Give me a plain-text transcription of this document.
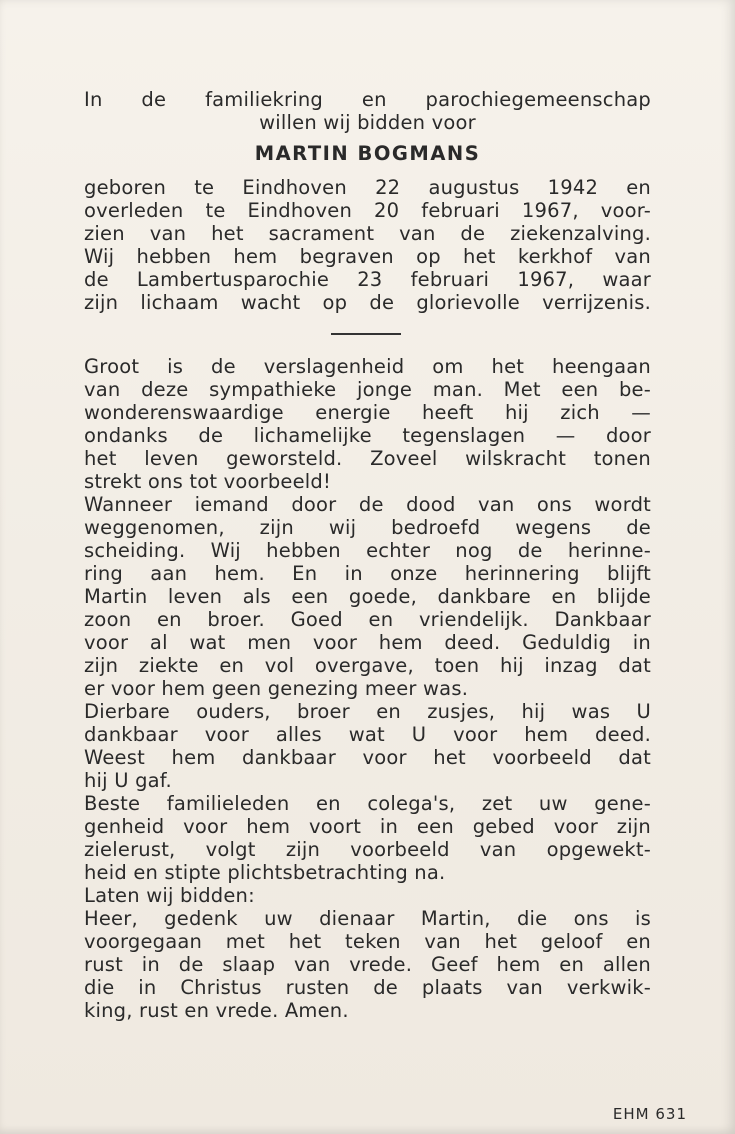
In de familiekring en parochiegemeenschap
willen wij bidden voor
MARTIN BOGMANS
geboren te Eindhoven 22 augustus 1942 en
overleden te Eindhoven 20 februari 1967, voor-
zien van het sacrament van de ziekenzalving.
Wij hebben hem begraven op het kerkhof van
de Lambertusparochie 23 februari 1967, waar
zijn lichaam wacht op de glorievolle verrijzenis.
Groot is de verslagenheid om het heengaan
van deze sympathieke jonge man. Met een be-
wonderenswaardige energie heeft hij zich —
ondanks de lichamelijke tegenslagen — door
het leven geworsteld. Zoveel wilskracht tonen
strekt ons tot voorbeeld!
Wanneer iemand door de dood van ons wordt
weggenomen, zijn wij bedroefd wegens de
scheiding. Wij hebben echter nog de herinne-
ring aan hem. En in onze herinnering blijft
Martin leven als een goede, dankbare en blijde
zoon en broer. Goed en vriendelijk. Dankbaar
voor al wat men voor hem deed. Geduldig in
zijn ziekte en vol overgave, toen hij inzag dat
er voor hem geen genezing meer was.
Dierbare ouders, broer en zusjes, hij was U
dankbaar voor alles wat U voor hem deed.
Weest hem dankbaar voor het voorbeeld dat
hij U gaf.
Beste familieleden en colega's, zet uw gene-
genheid voor hem voort in een gebed voor zijn
zielerust, volgt zijn voorbeeld van opgewekt-
heid en stipte plichtsbetrachting na.
Laten wij bidden:
Heer, gedenk uw dienaar Martin, die ons is
voorgegaan met het teken van het geloof en
rust in de slaap van vrede. Geef hem en allen
die in Christus rusten de plaats van verkwik-
king, rust en vrede. Amen.
EHM 631
